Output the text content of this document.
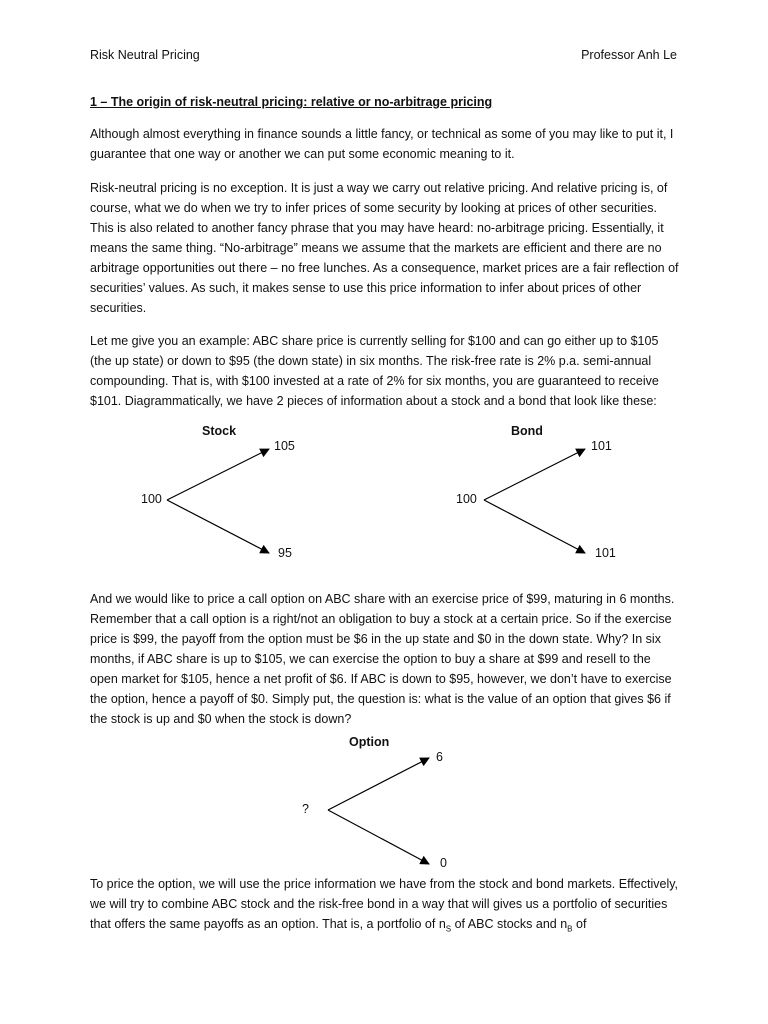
Risk Neutral Pricing	Professor Anh Le
1 – The origin of risk-neutral pricing: relative or no-arbitrage pricing

Although almost everything in finance sounds a little fancy, or technical as some of you may like to put it, I guarantee that one way or another we can put some economic meaning to it.

Risk-neutral pricing is no exception. It is just a way we carry out relative pricing. And relative pricing is, of course, what we do when we try to infer prices of some security by looking at prices of other securities. This is also related to another fancy phrase that you may have heard: no-arbitrage pricing. Essentially, it means the same thing. “No-arbitrage” means we assume that the markets are efficient and there are no arbitrage opportunities out there – no free lunches. As a consequence, market prices are a fair reflection of securities’ values. As such, it makes sense to use this price information to infer about prices of other securities.

Let me give you an example: ABC share price is currently selling for $100 and can go either up to $105 (the up state) or down to $95 (the down state) in six months. The risk-free rate is 2% p.a. semi-annual compounding. That is, with $100 invested at a rate of 2% for six months, you are guaranteed to receive $101. Diagrammatically, we have 2 pieces of information about a stock and a bond that look like these:

Stock
105
100
95
Bond
101
100
101

And we would like to price a call option on ABC share with an exercise price of $99, maturing in 6 months. Remember that a call option is a right/not an obligation to buy a stock at a certain price. So if the exercise price is $99, the payoff from the option must be $6 in the up state and $0 in the down state. Why? In six months, if ABC share is up to $105, we can exercise the option to buy a share at $99 and resell to the open market for $105, hence a net profit of $6. If ABC is down to $95, however, we don’t have to exercise the option, hence a payoff of $0. Simply put, the question is: what is the value of an option that gives $6 if the stock is up and $0 when the stock is down?

Option
6
?
0

To price the option, we will use the price information we have from the stock and bond markets. Effectively, we will try to combine ABC stock and the risk-free bond in a way that will gives us a portfolio of securities that offers the same payoffs as an option. That is, a portfolio of $n_S$ of ABC stocks and $n_B$ of
